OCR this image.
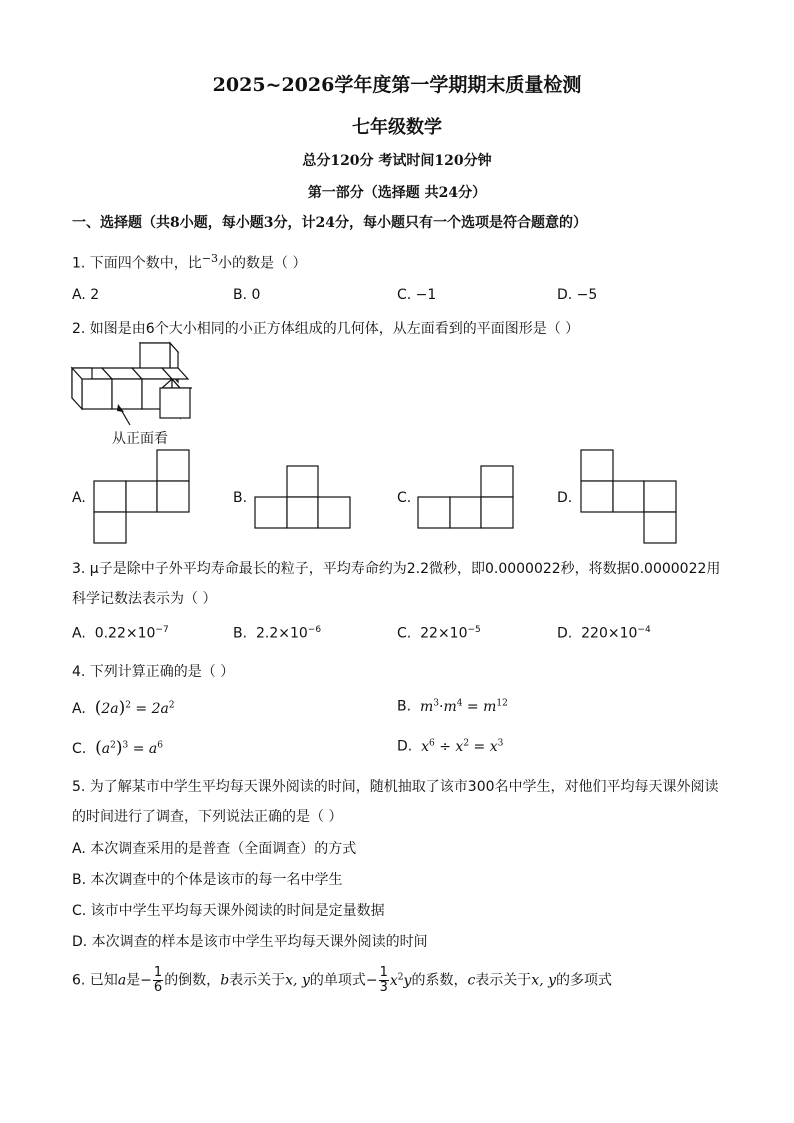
2025~2026学年度第一学期期末质量检测
七年级数学
总分120分 考试时间120分钟
第一部分（选择题 共24分）
一、选择题（共8小题，每小题3分，计24分，每小题只有一个选项是符合题意的）
1. 下面四个数中，比$^{-3}$小的数是（ ）
A. 2	B. 0	C. −1	D. −5
2. 如图是由6个大小相同的小正方体组成的几何体，从左面看到的平面图形是（ ）
从正面看
A.	B.	C.	D.
3. μ子是除中子外平均寿命最长的粒子，平均寿命约为2.2微秒，即0.0000022秒，将数据0.0000022用
科学记数法表示为（ ）
A. $0.22\times 10^{-7}$	B. $2.2\times 10^{-6}$	C. $22\times 10^{-5}$	D. $220\times 10^{-4}$
4. 下列计算正确的是（ ）
A. $(2a)^2 = 2a^2$	B. $m^3\cdot m^4 = m^{12}$
C. $(a^2)^3 = a^6$	D. $x^6 \div x^2 = x^3$
5. 为了解某市中学生平均每天课外阅读的时间，随机抽取了该市300名中学生，对他们平均每天课外阅读
的时间进行了调查，下列说法正确的是（ ）
A. 本次调查采用的是普查（全面调查）的方式
B. 本次调查中的个体是该市的每一名中学生
C. 该市中学生平均每天课外阅读的时间是定量数据
D. 本次调查的样本是该市中学生平均每天课外阅读的时间
6. 已知a是− $\frac{1}{6}$ 的倒数，b表示关于x, y的单项式− $\frac{1}{3} x^2y$的系数，c表示关于x, y的多项式
